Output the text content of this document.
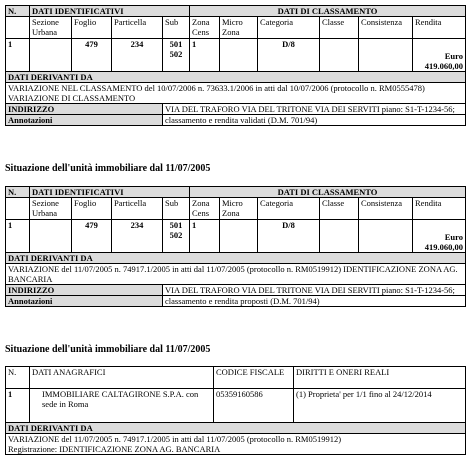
N.	DATI IDENTIFICATIVI				DATI DI CLASSAMENTO					
	Sezione Urbana	Foglio	Particella	Sub	Zona Cens	Micro Zona	Categoria	Classe	Consistenza	Rendita
1		479	234	501 502	1		D/8			Euro 419.060,00
DATI DERIVANTI DA										
VARIAZIONE NEL CLASSAMENTO del 10/07/2006 n. 73633.1/2006 in atti dal 10/07/2006 (protocollo n. RM0555478) VARIAZIONE DI CLASSAMENTO										
INDIRIZZO				VIA DEL TRAFORO VIA DEL TRITONE VIA DEI SERVITI piano: S1-T-1234-56;						
Annotazioni				classamento e rendita validati (D.M. 701/94)						
Situazione dell'unità immobiliare dal 11/07/2005
N.	DATI IDENTIFICATIVI				DATI DI CLASSAMENTO					
	Sezione Urbana	Foglio	Particella	Sub	Zona Cens	Micro Zona	Categoria	Classe	Consistenza	Rendita
1		479	234	501 502	1		D/8			Euro 419.060,00
DATI DERIVANTI DA										
VARIAZIONE del 11/07/2005 n. 74917.1/2005 in atti dal 11/07/2005 (protocollo n. RM0519912) IDENTIFICAZIONE ZONA AG. BANCARIA										
INDIRIZZO				VIA DEL TRAFORO VIA DEL TRITONE VIA DEI SERVITI piano: S1-T-1234-56;						
Annotazioni				classamento e rendita proposti (D.M. 701/94)						
Situazione dell'unità immobiliare dal 11/07/2005
N.	DATI ANAGRAFICI	CODICE FISCALE	DIRITTI E ONERI REALI
1	IMMOBILIARE CALTAGIRONE S.P.A. con sede in Roma	05359160586	(1) Proprieta' per 1/1 fino al 24/12/2014
DATI DERIVANTI DA			

VARIAZIONE del 11/07/2005 n. 74917.1/2005 in atti dal 11/07/2005 (protocollo n. RM0519912)
Registrazione: IDENTIFICAZIONE ZONA AG. BANCARIA			
